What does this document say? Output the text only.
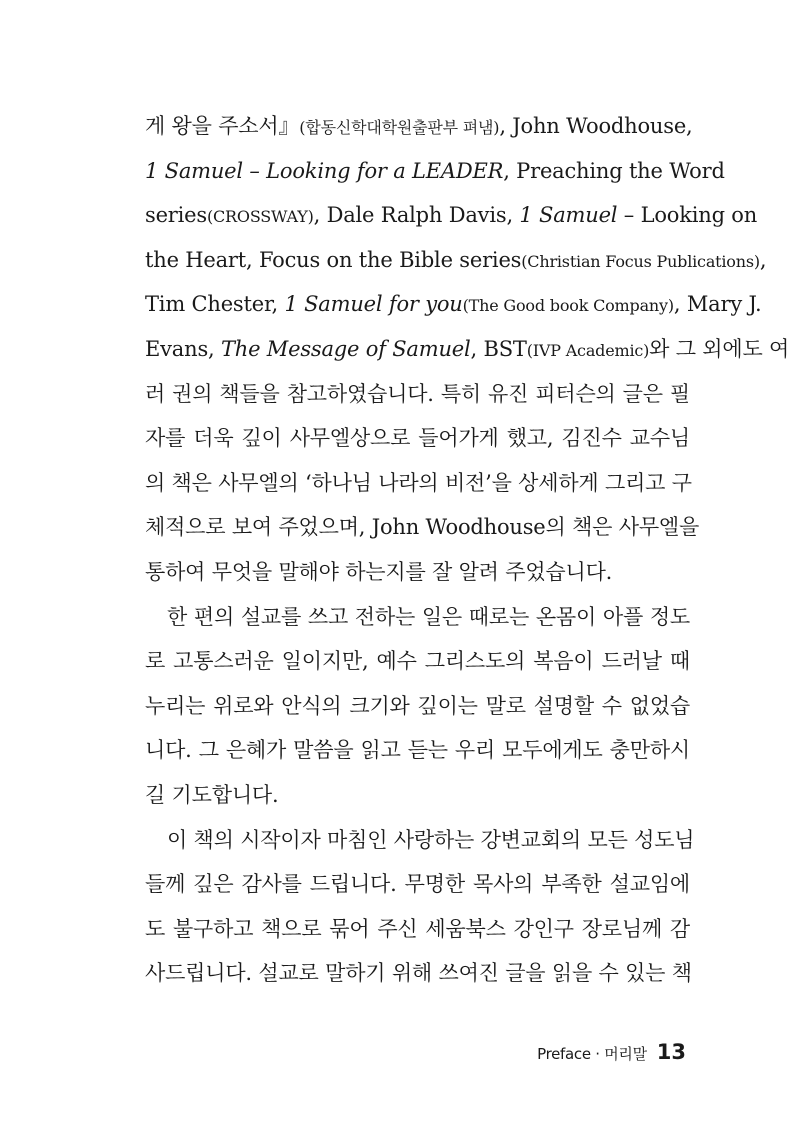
게 왕을 주소서』(합동신학대학원출판부 펴냄), John Woodhouse,
1 Samuel – Looking for a LEADER, Preaching the Word
series(CROSSWAY), Dale Ralph Davis, 1 Samuel – Looking on
the Heart, Focus on the Bible series(Christian Focus Publications),
Tim Chester, 1 Samuel for you(The Good book Company), Mary J.
Evans, The Message of Samuel, BST(IVP Academic)와 그 외에도 여
러 권의 책들을 참고하였습니다. 특히 유진 피터슨의 글은 필
자를 더욱 깊이 사무엘상으로 들어가게 했고, 김진수 교수님
의 책은 사무엘의 ‘하나님 나라의 비전’을 상세하게 그리고 구
체적으로 보여 주었으며, John Woodhouse의 책은 사무엘을
통하여 무엇을 말해야 하는지를 잘 알려 주었습니다.
한 편의 설교를 쓰고 전하는 일은 때로는 온몸이 아플 정도
로 고통스러운 일이지만, 예수 그리스도의 복음이 드러날 때
누리는 위로와 안식의 크기와 깊이는 말로 설명할 수 없었습
니다. 그 은혜가 말씀을 읽고 듣는 우리 모두에게도 충만하시
길 기도합니다.
이 책의 시작이자 마침인 사랑하는 강변교회의 모든 성도님
들께 깊은 감사를 드립니다. 무명한 목사의 부족한 설교임에
도 불구하고 책으로 묶어 주신 세움북스 강인구 장로님께 감
사드립니다. 설교로 말하기 위해 쓰여진 글을 읽을 수 있는 책
Preface · 머리말 13
